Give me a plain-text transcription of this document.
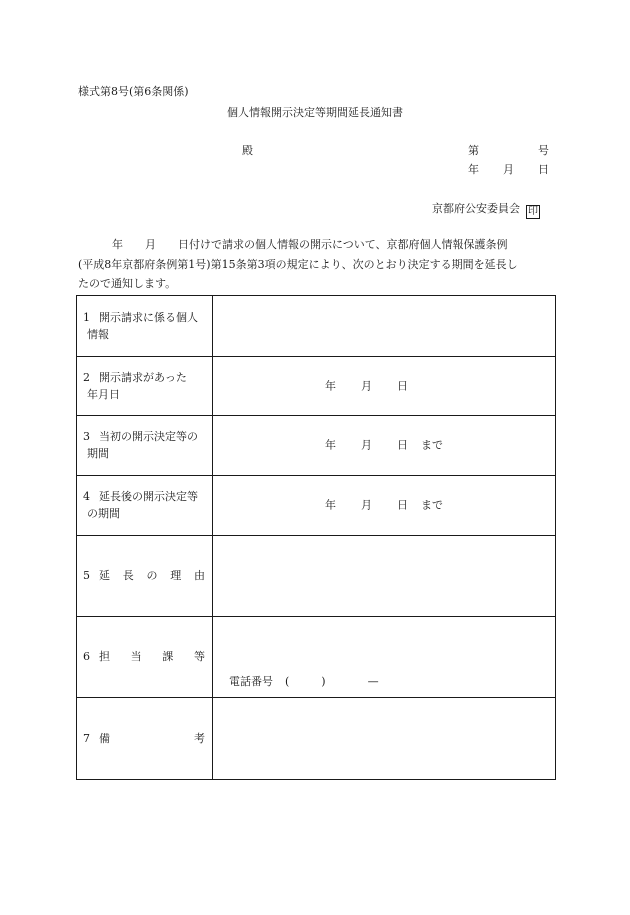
様式第8号(第6条関係)
個人情報開示決定等期間延長通知書
殿	第	号
年 月 日
京都府公安委員会 印
年 月 日付けで請求の個人情報の開示について、京都府個人情報保護条例
(平成8年京都府条例第1号)第15条第3項の規定により、次のとおり決定する期間を延長し
たので通知します。
1 開示請求に係る個人
情報
2 開示請求があった
年月日
年 月 日
3 当初の開示決定等の
期間
年 月 日 まで
4 延長後の開示決定等
の期間
年 月 日 まで
5 延 長 の 理 由
6 担 当 課 等
電話番号 (	)	—
7 備	考
